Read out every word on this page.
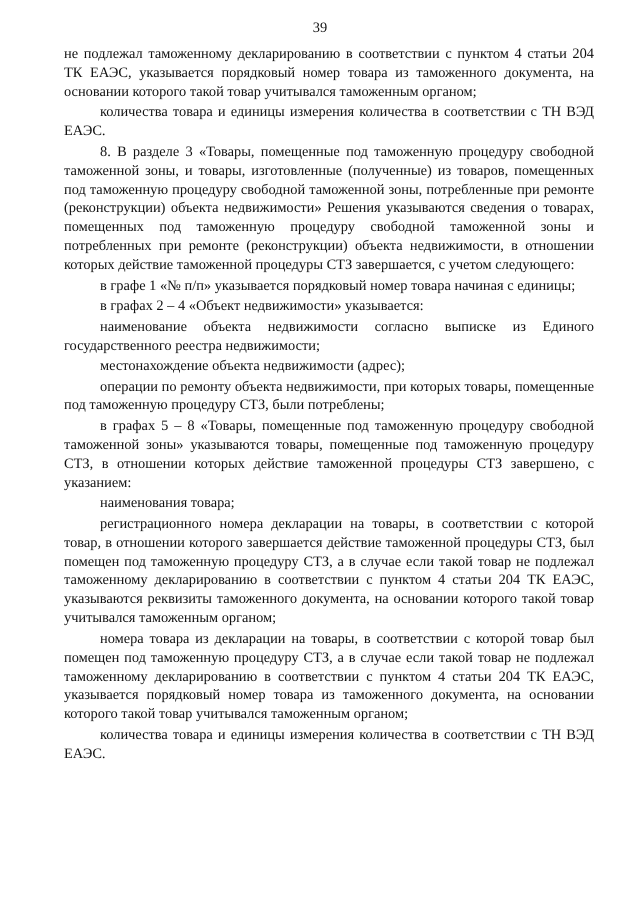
39

не подлежал таможенному декларированию в соответствии с пунктом 4 статьи 204 ТК ЕАЭС, указывается порядковый номер товара из таможенного документа, на основании которого такой товар учитывался таможенным органом;

количества товара и единицы измерения количества в соответствии с ТН ВЭД ЕАЭС.

8. В разделе 3 «Товары, помещенные под таможенную процедуру свободной таможенной зоны, и товары, изготовленные (полученные) из товаров, помещенных под таможенную процедуру свободной таможенной зоны, потребленные при ремонте (реконструкции) объекта недвижимости» Решения указываются сведения о товарах, помещенных под таможенную процедуру свободной таможенной зоны и потребленных при ремонте (реконструкции) объекта недвижимости, в отношении которых действие таможенной процедуры СТЗ завершается, с учетом следующего:

в графе 1 «№ п/п» указывается порядковый номер товара начиная с единицы;

в графах 2 – 4 «Объект недвижимости» указывается:

наименование объекта недвижимости согласно выписке из Единого государственного реестра недвижимости;

местонахождение объекта недвижимости (адрес);

операции по ремонту объекта недвижимости, при которых товары, помещенные под таможенную процедуру СТЗ, были потреблены;

в графах 5 – 8 «Товары, помещенные под таможенную процедуру свободной таможенной зоны» указываются товары, помещенные под таможенную процедуру СТЗ, в отношении которых действие таможенной процедуры СТЗ завершено, с указанием:

наименования товара;

регистрационного номера декларации на товары, в соответствии с которой товар, в отношении которого завершается действие таможенной процедуры СТЗ, был помещен под таможенную процедуру СТЗ, а в случае если такой товар не подлежал таможенному декларированию в соответствии с пунктом 4 статьи 204 ТК ЕАЭС, указываются реквизиты таможенного документа, на основании которого такой товар учитывался таможенным органом;

номера товара из декларации на товары, в соответствии с которой товар был помещен под таможенную процедуру СТЗ, а в случае если такой товар не подлежал таможенному декларированию в соответствии с пунктом 4 статьи 204 ТК ЕАЭС, указывается порядковый номер товара из таможенного документа, на основании которого такой товар учитывался таможенным органом;

количества товара и единицы измерения количества в соответствии с ТН ВЭД ЕАЭС.
